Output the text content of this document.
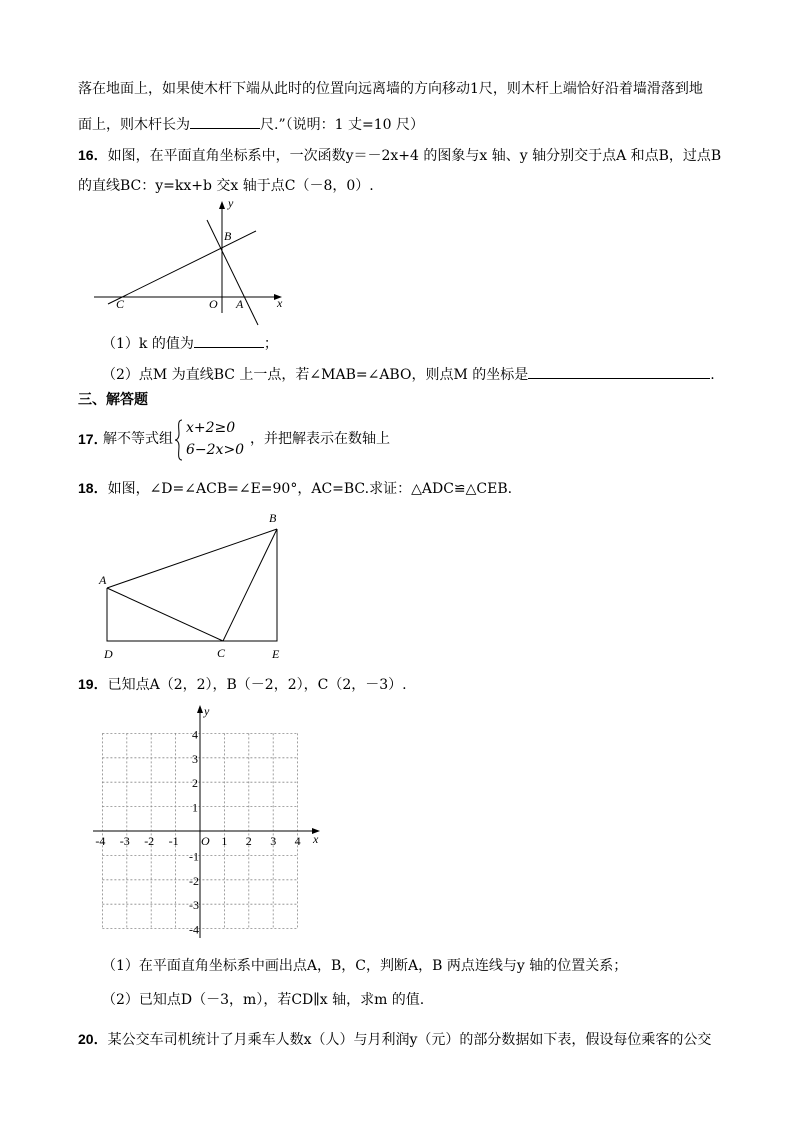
落在地面上，如果使木杆下端从此时的位置向远离墙的方向移动1尺，则木杆上端恰好沿着墙滑落到地
面上，则木杆长为	尺.”（说明：1 丈=10 尺）
16．如图，在平面直角坐标系中，一次函数y＝－2x+4 的图象与x 轴、y 轴分别交于点A 和点B，过点B
的直线BC：y=kx+b 交x 轴于点C（－8，0）.
y
B
C	O A	x
（1）k 的值为	；
（2）点M 为直线BC 上一点，若∠MAB=∠ABO，则点M 的坐标是	.
三、解答题
17．
解不等式组
x+2≥0
6−2x>0
，并把解表示在数轴上
18．如图，∠D=∠ACB=∠E=90°，AC=BC.求证：△ADC≌△CEB.
A
B
C
D	E
19．已知点A（2，2），B（－2，2），C（2，－3）.
y
x
O
-4 -3 -2 -1	1 2 3 4
4
3
2
1
-1
-2
-3
-4
（1）在平面直角坐标系中画出点A，B，C，判断A，B 两点连线与y 轴的位置关系；
（2）已知点D（－3，m），若CD∥x 轴，求m 的值.
20．某公交车司机统计了月乘车人数x（人）与月利润y（元）的部分数据如下表，假设每位乘客的公交
